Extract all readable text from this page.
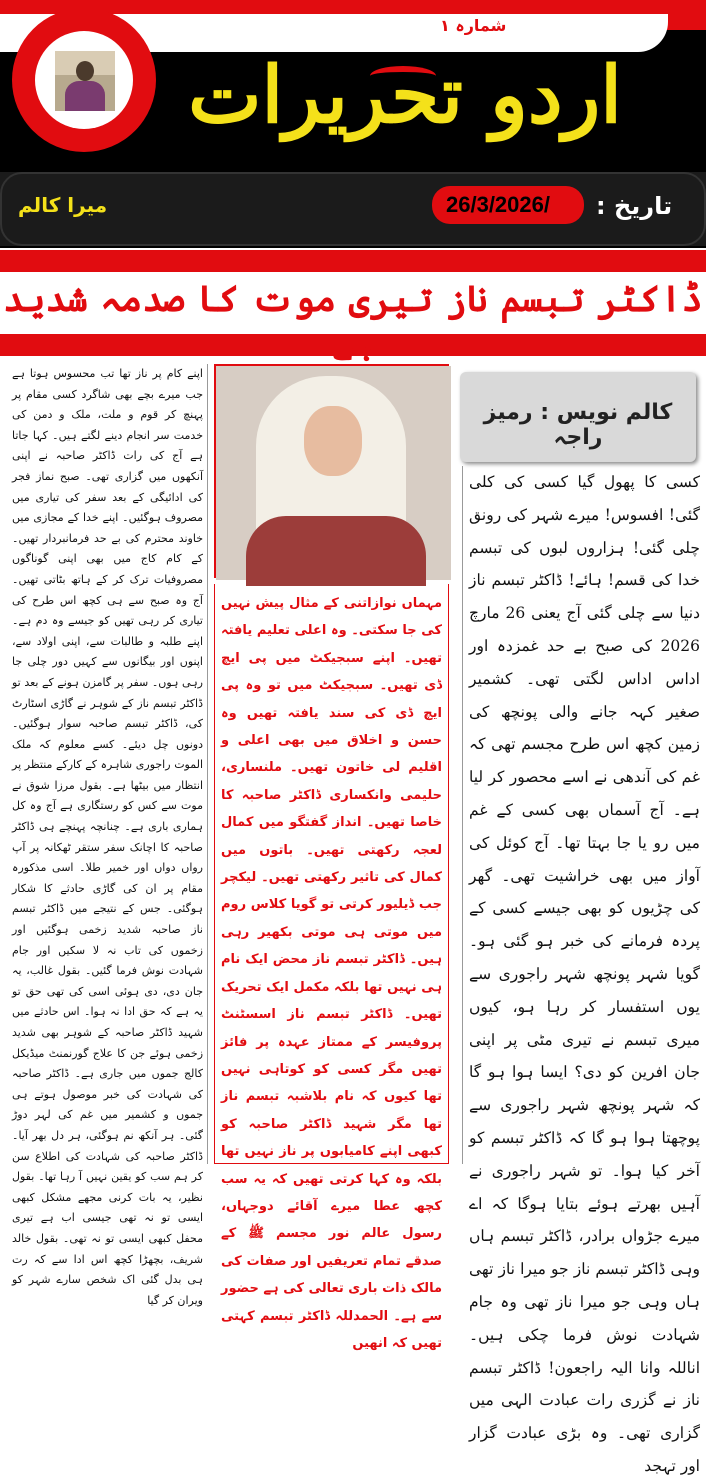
شمارہ ۱
اردو تحریرات
میرا کالم	26/3/2026/ تاریخ :
ڈاکٹر تبسم ناز تیری موت کا صدمہ شدید ہے

اپنے کام پر ناز تھا تب محسوس ہوتا ہے جب میرے بچے بھی شاگرد کسی مقام پر پہنچ کر قوم و ملت، ملک و دمن کی خدمت سر انجام دینے لگتے ہیں۔ کہا جاتا ہے آج کی رات ڈاکٹر صاحبہ نے اپنی آنکھوں میں گزاری تھی۔ صبح نماز فجر کی ادائیگی کے بعد سفر کی تیاری میں مصروف ہوگئیں۔ اپنے خدا کے مجازی میں خاوند محترم کی بے حد فرمانبردار تھیں۔ کے کام کاج میں بھی اپنی گوناگوں مصروفیات ترک کر کے ہاتھ بٹاتی تھیں۔ آج وہ صبح سے ہی کچھ اس طرح کی تیاری کر رہی تھیں کو جیسے وہ دم ہے۔ اپنے طلبہ و طالبات سے، اپنی اولاد سے، اپنوں اور بیگانوں سے کہیں دور چلی جا رہی ہوں۔ سفر پر گامزن ہونے کے بعد تو ڈاکٹر تبسم ناز کے شوہر نے گاڑی اسٹارٹ کی، ڈاکٹر تبسم صاحبہ سوار ہوگئیں۔ دونوں چل دیئے۔ کسے معلوم کہ ملک الموت راجوری شاہرہ کے کارکے منتظر پر انتظار میں بیٹھا ہے۔ بقول مرزا شوق نے موت سے کس کو رستگاری ہے آج وہ کل ہماری باری ہے۔ چنانچہ پہنچے ہی ڈاکٹر صاحبہ کا اچانک سفر ستقر ٹھکانہ پر آپ رواں دواں اور خمیر طلا۔ اسی مذکورہ مقام پر ان کی گاڑی حادثے کا شکار ہوگئی۔ جس کے نتیجے میں ڈاکٹر تبسم ناز صاحبہ شدید زخمی ہوگئیں اور زخموں کی تاب نہ لا سکیں اور جام شہادت نوش فرما گئیں۔ بقول غالب، یہ جان دی، دی ہوئی اسی کی تھی حق تو یہ ہے کہ حق ادا نہ ہوا۔ اس حادثے میں شہید ڈاکٹر صاحبہ کے شوہر بھی شدید زخمی ہوئے جن کا علاج گورنمنٹ میڈیکل کالج جموں میں جاری ہے۔ ڈاکٹر صاحبہ کی شہادت کی خبر موصول ہوتے ہی جموں و کشمیر میں غم کی لہر دوڑ گئی۔ ہر آنکھ نم ہوگئی، ہر دل بھر آیا۔ ڈاکٹر صاحبہ کی شہادت کی اطلاع سن کر ہم سب کو یقین نہیں آ رہا تھا۔ بقول نظیر، یہ بات کرنی مجھے مشکل کبھی ایسی تو نہ تھی جیسی اب ہے تیری محفل کبھی ایسی تو نہ تھی۔ بقول خالد شریف، بچھڑا کچھ اس ادا سے کہ رت ہی بدل گئی اک شخص سارے شہر کو ویران کر گیا

مہماں نوازاتنی کے مثال پیش نہیں کی جا سکتی۔ وہ اعلی تعلیم یافتہ تھیں۔ اپنے سبجیکٹ میں پی ایچ ڈی تھیں۔ سبجیکٹ میں تو وہ پی ایچ ڈی کی سند یافتہ تھیں وہ حسن و اخلاق میں بھی اعلی و اقلیم لی خاتون تھیں۔ ملنساری، حلیمی وانکساری ڈاکٹر صاحبہ کا خاصا تھیں۔ انداز گفتگو میں کمال لعجہ رکھتی تھیں۔ باتوں میں کمال کی تاثیر رکھتی تھیں۔ لیکچر جب ڈیلیور کرتی تو گویا کلاس روم میں موتی ہی موتی بکھیر رہی ہیں۔ ڈاکٹر تبسم ناز محض ایک نام ہی نہیں تھا بلکہ مکمل ایک تحریک تھیں۔ ڈاکٹر تبسم ناز اسسٹنٹ پروفیسر کے ممتاز عہدہ پر فائز تھیں مگر کسی کو کوتاہی نہیں تھا کیوں کہ نام بلاشبہ تبسم ناز تھا مگر شہید ڈاکٹر صاحبہ کو کبھی اپنے کامیابوں پر ناز نہیں تھا بلکہ وہ کہا کرتی تھیں کہ یہ سب کچھ عطا میرے آقائے دوجہاں، رسول عالم نور مجسم ﷺ کے صدقے تمام تعریفیں اور صفات کی مالک ذات باری تعالی کی ہے حضور سے ہے۔ الحمدللہ ڈاکٹر تبسم کہتی تھیں کہ انھیں

کالم نویس : رمیز راجہ

کسی کا پھول گیا کسی کی کلی گئی! افسوس! میرے شہر کی رونق چلی گئی! ہزاروں لبوں کی تبسم خدا کی قسم! ہائے! ڈاکٹر تبسم ناز دنیا سے چلی گئی آج یعنی 26 مارچ 2026 کی صبح بے حد غمزدہ اور اداس اداس لگتی تھی۔ کشمیر صغیر کہہ جانے والی پونچھ کی زمین کچھ اس طرح مجسم تھی کہ غم کی آندھی نے اسے محصور کر لیا ہے۔ آج آسماں بھی کسی کے غم میں رو یا جا بہتا تھا۔ آج کوئل کی آواز میں بھی خراشیت تھی۔ گھر کی چڑیوں کو بھی جیسے کسی کے پردہ فرمانے کی خبر ہو گئی ہو۔ گویا شہر پونچھ شہر راجوری سے یوں استفسار کر رہا ہو، کیوں میری تبسم نے تیری مٹی پر اپنی جان افرین کو دی؟ ایسا ہوا ہو گا کہ شہر پونچھ شہر راجوری سے پوچھتا ہوا ہو گا کہ ڈاکٹر تبسم کو آخر کیا ہوا۔ تو شہر راجوری نے آہیں بھرتے ہوئے بتایا ہوگا کہ اے میرے جڑواں برادر، ڈاکٹر تبسم ہاں وہی ڈاکٹر تبسم ناز جو میرا ناز تھی ہاں وہی جو میرا ناز تھی وہ جام شہادت نوش فرما چکی ہیں۔ اناللہ وانا الیہ راجعون! ڈاکٹر تبسم ناز نے گزری رات عبادت الہی میں گزاری تھی۔ وہ بڑی عبادت گزار اور تہجد
